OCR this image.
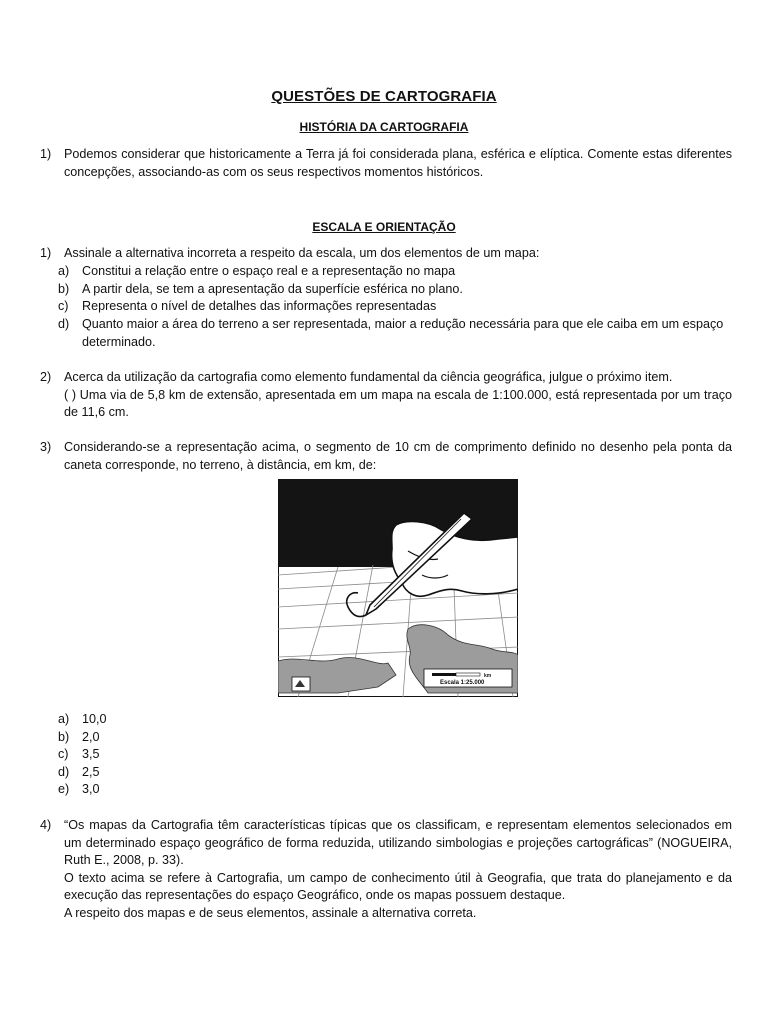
QUESTÕES DE CARTOGRAFIA
HISTÓRIA DA CARTOGRAFIA
1) Podemos considerar que historicamente a Terra já foi considerada plana, esférica e elíptica. Comente estas diferentes concepções, associando-as com os seus respectivos momentos históricos.
ESCALA E ORIENTAÇÃO
1) Assinale a alternativa incorreta a respeito da escala, um dos elementos de um mapa:
a) Constitui a relação entre o espaço real e a representação no mapa
b) A partir dela, se tem a apresentação da superfície esférica no plano.
c) Representa o nível de detalhes das informações representadas
d) Quanto maior a área do terreno a ser representada, maior a redução necessária para que ele caiba em um espaço determinado.
2) Acerca da utilização da cartografia como elemento fundamental da ciência geográfica, julgue o próximo item.

( ) Uma via de 5,8 km de extensão, apresentada em um mapa na escala de 1:100.000, está representada por um traço de 11,6 cm.

3) Considerando-se a representação acima, o segmento de 10 cm de comprimento definido no desenho pela ponta da caneta corresponde, no terreno, à distância, em km, de:
km
Escala 1:25.000
a) 10,0
b) 2,0
c) 3,5
d) 2,5
e) 3,0
4) “Os mapas da Cartografia têm características típicas que os classificam, e representam elementos selecionados em um determinado espaço geográfico de forma reduzida, utilizando simbologias e projeções cartográficas” (NOGUEIRA, Ruth E., 2008, p. 33).

O texto acima se refere à Cartografia, um campo de conhecimento útil à Geografia, que trata do planejamento e da execução das representações do espaço Geográfico, onde os mapas possuem destaque.

A respeito dos mapas e de seus elementos, assinale a alternativa correta.
